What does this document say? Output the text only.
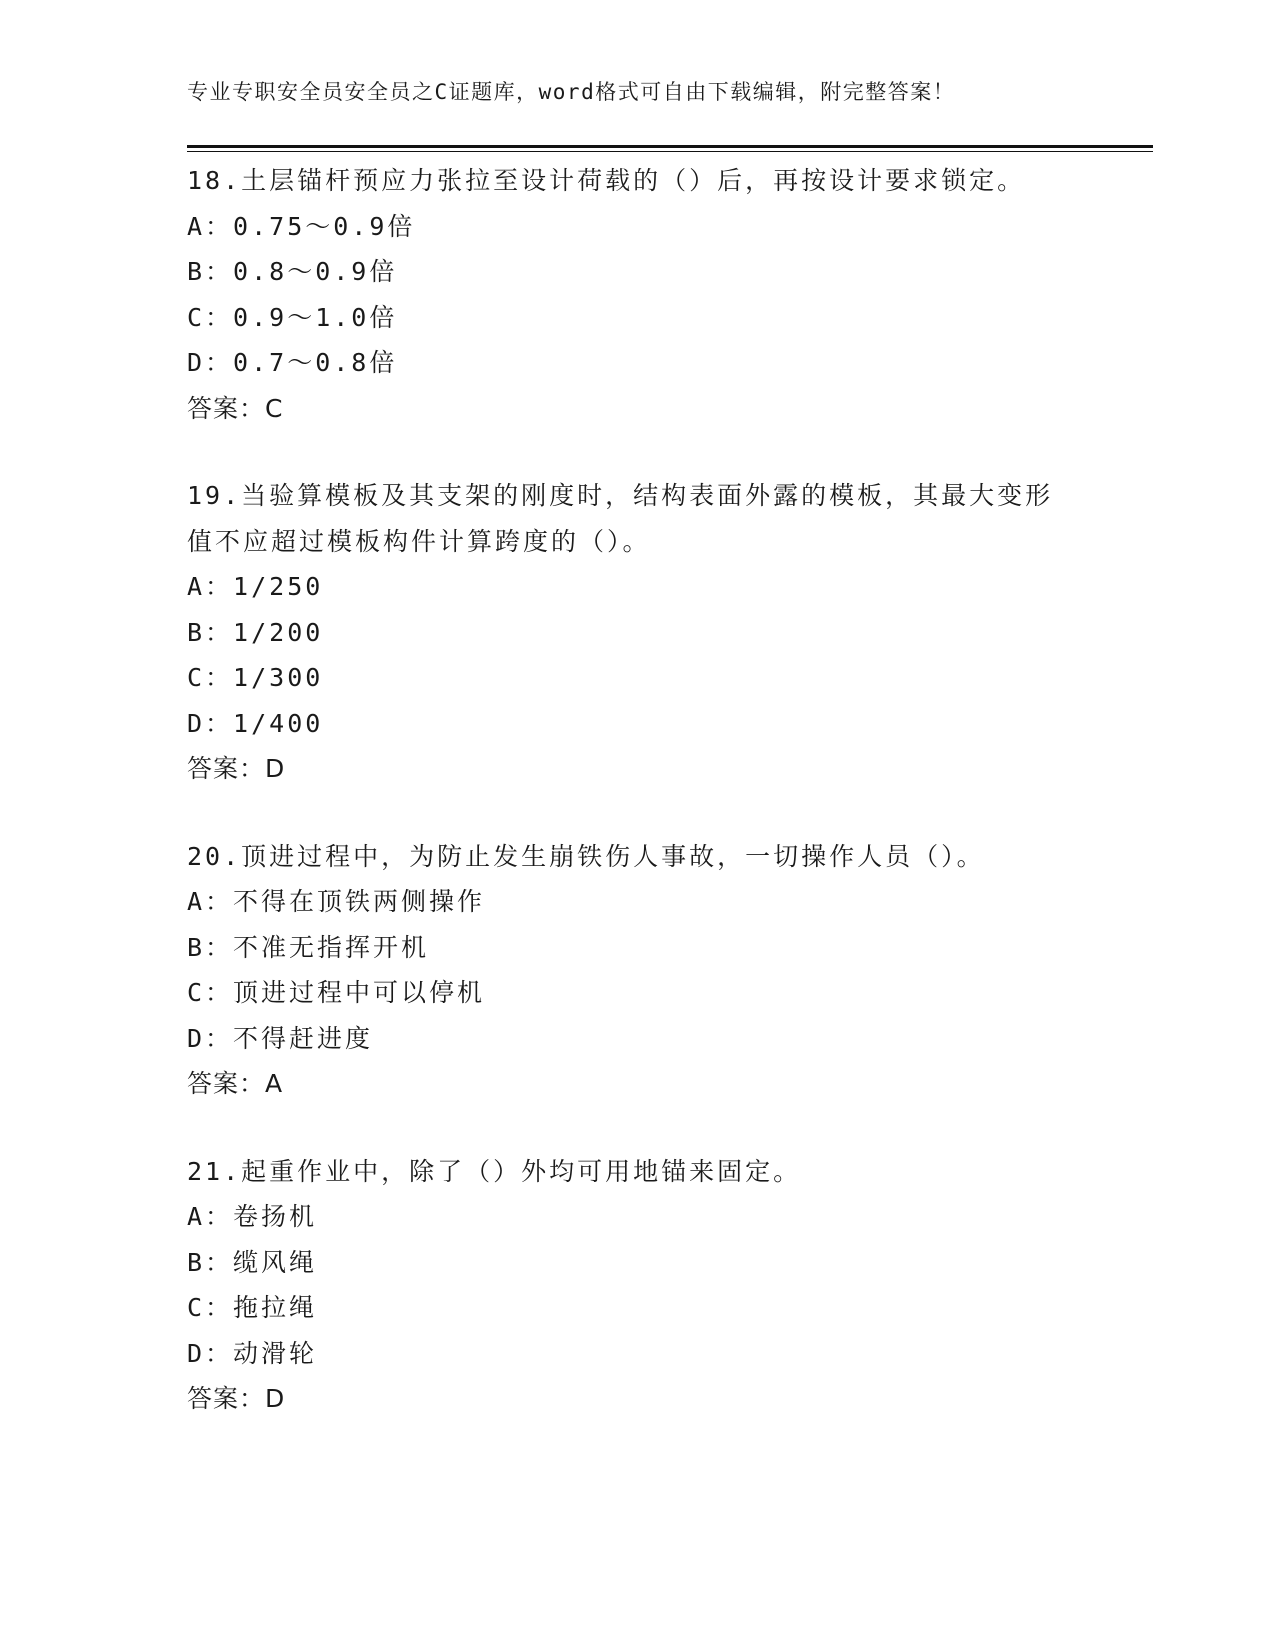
专业专职安全员安全员之C证题库，word格式可自由下载编辑，附完整答案！
18.土层锚杆预应力张拉至设计荷载的（）后，再按设计要求锁定。
A：0.75～0.9倍
B：0.8～0.9倍
C：0.9～1.0倍
D：0.7～0.8倍
答案：C
19.当验算模板及其支架的刚度时，结构表面外露的模板，其最大变形
值不应超过模板构件计算跨度的（）。
A：1/250
B：1/200
C：1/300
D：1/400
答案：D
20.顶进过程中，为防止发生崩铁伤人事故，一切操作人员（）。
A：不得在顶铁两侧操作
B：不准无指挥开机
C：顶进过程中可以停机
D：不得赶进度
答案：A
21.起重作业中，除了（）外均可用地锚来固定。
A：卷扬机
B：缆风绳
C：拖拉绳
D：动滑轮
答案：D
